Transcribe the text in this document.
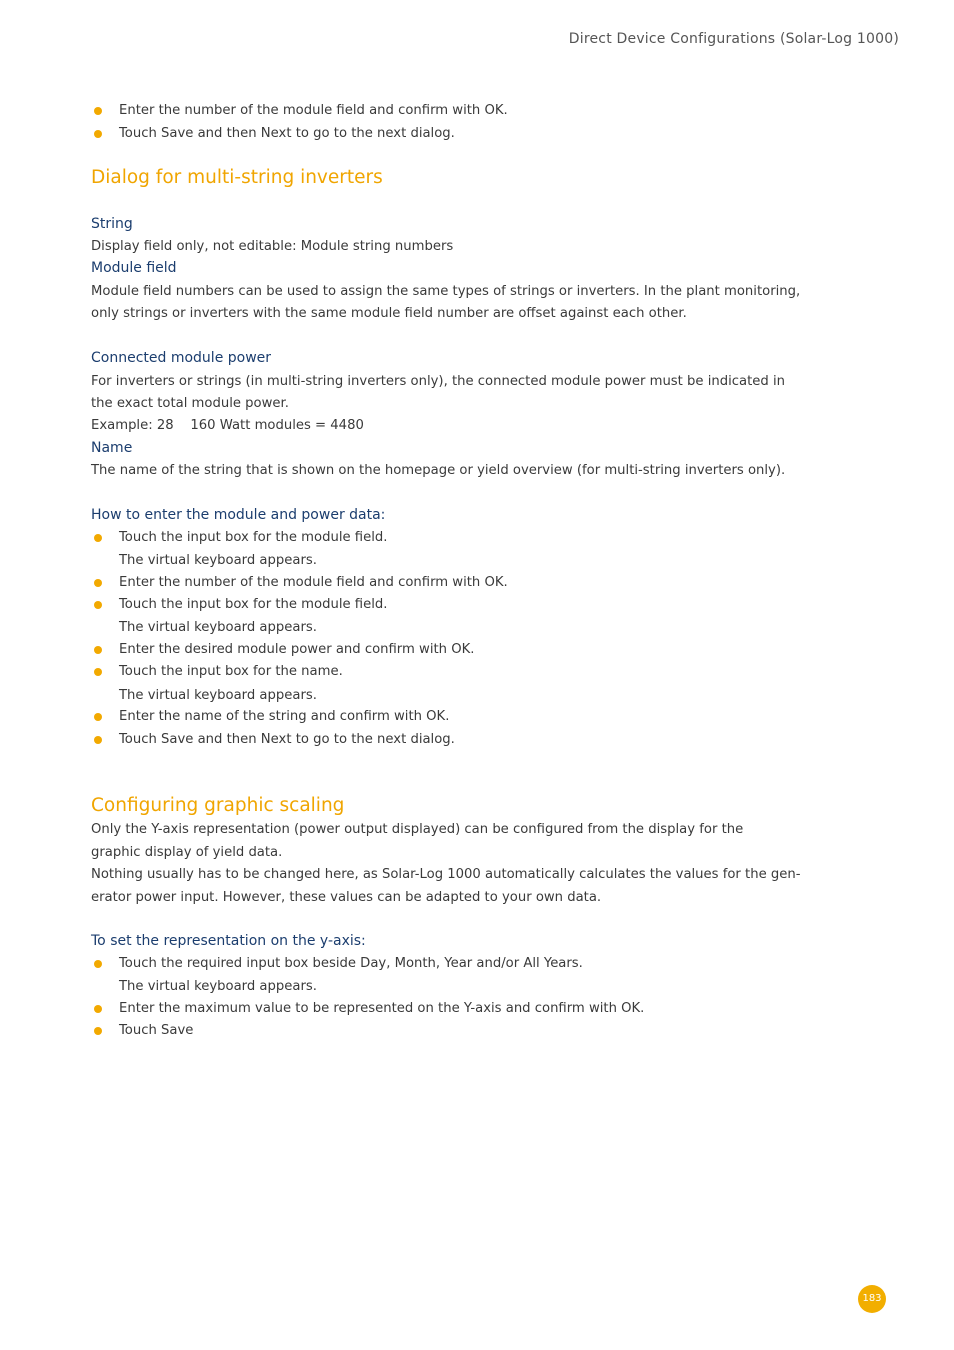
Direct Device Configurations (Solar-Log 1000)
Enter the number of the module field and confirm with OK.
Touch Save and then Next to go to the next dialog.
Dialog for multi-string inverters
String
Display field only, not editable: Module string numbers
Module field
Module field numbers can be used to assign the same types of strings or inverters. In the plant monitoring,
only strings or inverters with the same module field number are offset against each other.
Connected module power
For inverters or strings (in multi-string inverters only), the connected module power must be indicated in
the exact total module power.
Example: 28    160 Watt modules = 4480
Name
The name of the string that is shown on the homepage or yield overview (for multi-string inverters only).
How to enter the module and power data:
Touch the input box for the module field.
The virtual keyboard appears.
Enter the number of the module field and confirm with OK.
Touch the input box for the module field.
The virtual keyboard appears.
Enter the desired module power and confirm with OK.
Touch the input box for the name.
The virtual keyboard appears.
Enter the name of the string and confirm with OK.
Touch Save and then Next to go to the next dialog.
Configuring graphic scaling
Only the Y-axis representation (power output displayed) can be configured from the display for the
graphic display of yield data.
Nothing usually has to be changed here, as Solar-Log 1000 automatically calculates the values for the gen-
erator power input. However, these values can be adapted to your own data.
To set the representation on the y-axis:
Touch the required input box beside Day, Month, Year and/or All Years.
The virtual keyboard appears.
Enter the maximum value to be represented on the Y-axis and confirm with OK.
Touch Save
183
